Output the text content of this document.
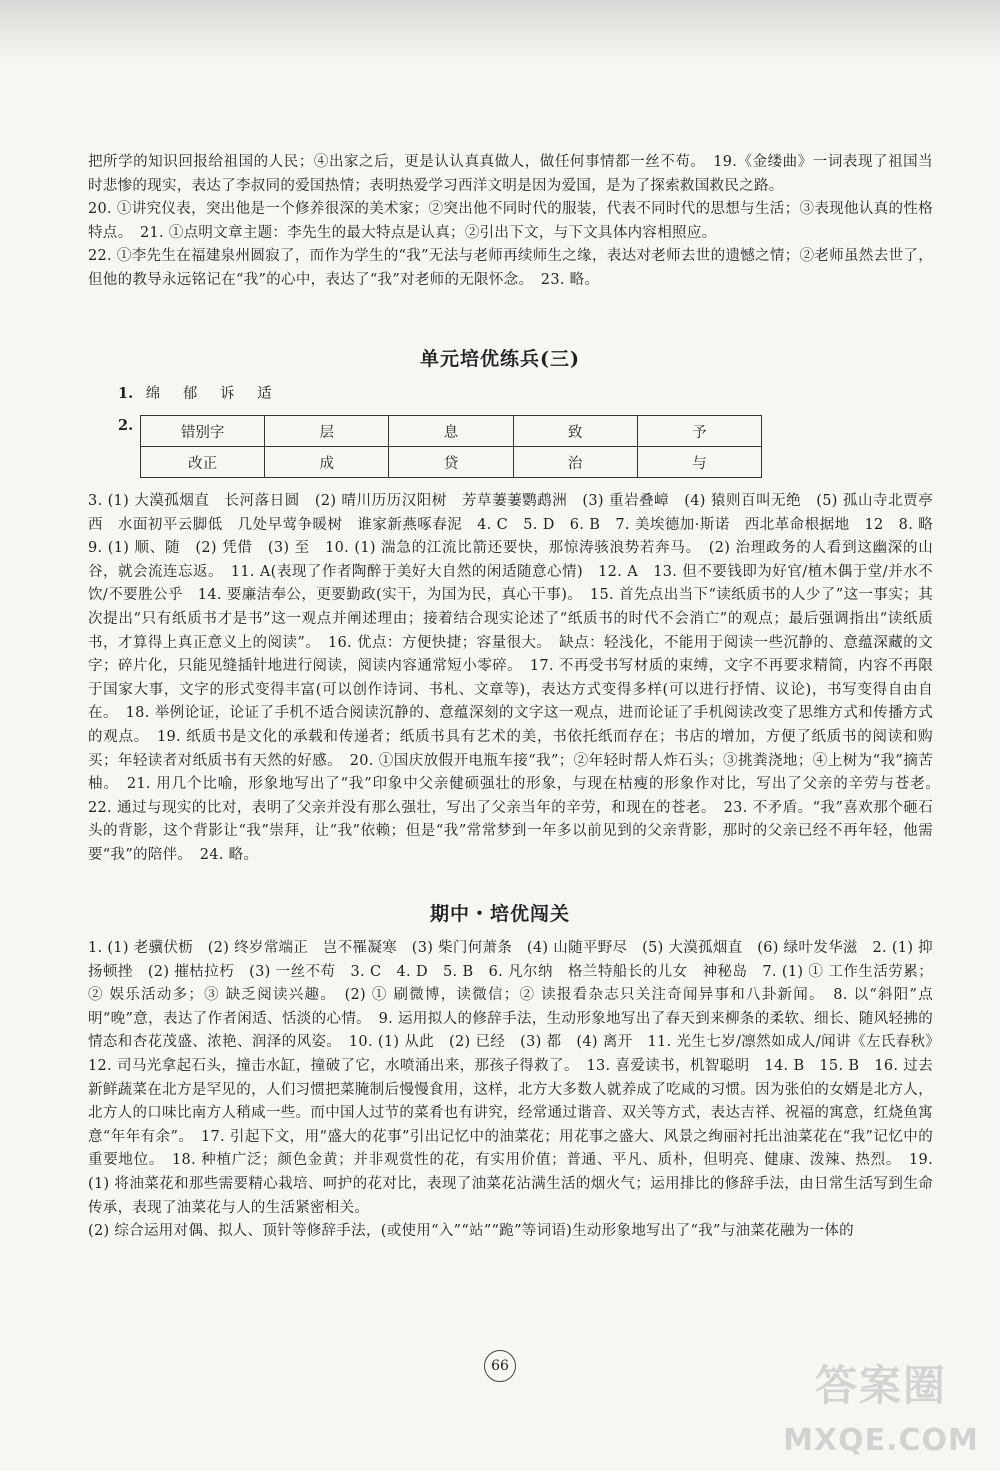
把所学的知识回报给祖国的人民；④出家之后，更是认认真真做人，做任何事情都一丝不苟。　19.《金缕曲》一词表现了祖国当时悲惨的现实，表达了李叔同的爱国热情；表明热爱学习西洋文明是因为爱国，是为了探索救国救民之路。

20. ①讲究仪表，突出他是一个修养很深的美术家；②突出他不同时代的服装，代表不同时代的思想与生活；③表现他认真的性格特点。　21. ①点明文章主题：李先生的最大特点是认真；②引出下文，与下文具体内容相照应。

22. ①李先生在福建泉州圆寂了，而作为学生的“我”无法与老师再续师生之缘，表达对老师去世的遗憾之情；②老师虽然去世了，但他的教导永远铭记在“我”的心中，表达了“我”对老师的无限怀念。　23. 略。

单元培优练兵(三)
1. 绵 郁 诉 适
2.	错别字	层	息	致	予
改正	成	贷	治	与

3. (1) 大漠孤烟直　长河落日圆　(2) 晴川历历汉阳树　芳草萋萋鹦鹉洲　(3) 重岩叠嶂　(4) 猿则百叫无绝　(5) 孤山寺北贾亭西　水面初平云脚低　几处早莺争暖树　谁家新燕啄春泥　4. C　5. D　6. B　7. 美埃德加·斯诺　西北革命根据地　12　8. 略　9. (1) 顺、随　(2) 凭借　(3) 至　10. (1) 湍急的江流比箭还要快，那惊涛骇浪势若奔马。　(2) 治理政务的人看到这幽深的山谷，就会流连忘返。　11. A(表现了作者陶醉于美好大自然的闲适随意心情)　12. A　13. 但不要钱即为好官/植木偶于堂/并水不饮/不要胜公乎　14. 要廉洁奉公，更要勤政(实干，为国为民，真心干事)。　15. 首先点出当下“读纸质书的人少了”这一事实；其次提出“只有纸质书才是书”这一观点并阐述理由；接着结合现实论述了“纸质书的时代不会消亡”的观点；最后强调指出“读纸质书，才算得上真正意义上的阅读”。　16. 优点：方便快捷；容量很大。　缺点：轻浅化，不能用于阅读一些沉静的、意蕴深藏的文字；碎片化，只能见缝插针地进行阅读，阅读内容通常短小零碎。　17. 不再受书写材质的束缚，文字不再要求精简，内容不再限于国家大事，文字的形式变得丰富(可以创作诗词、书札、文章等)，表达方式变得多样(可以进行抒情、议论)，书写变得自由自在。　18. 举例论证，论证了手机不适合阅读沉静的、意蕴深刻的文字这一观点，进而论证了手机阅读改变了思维方式和传播方式的观点。　19. 纸质书是文化的承载和传递者；纸质书具有艺术的美，书依托纸而存在；书店的增加，方便了纸质书的阅读和购买；年轻读者对纸质书有天然的好感。　20. ①国庆放假开电瓶车接“我”；②年轻时帮人炸石头；③挑粪浇地；④上树为“我”摘苦柚。　21. 用几个比喻，形象地写出了“我”印象中父亲健硕强壮的形象，与现在枯瘦的形象作对比，写出了父亲的辛劳与苍老。　22. 通过与现实的比对，表明了父亲并没有那么强壮，写出了父亲当年的辛劳，和现在的苍老。　23. 不矛盾。“我”喜欢那个砸石头的背影，这个背影让“我”崇拜，让“我”依赖；但是“我”常常梦到一年多以前见到的父亲背影，那时的父亲已经不再年轻，他需要“我”的陪伴。　24. 略。

期中・培优闯关

1. (1) 老骥伏枥　(2) 终岁常端正　岂不罹凝寒　(3) 柴门何萧条　(4) 山随平野尽　(5) 大漠孤烟直　(6) 绿叶发华滋　2. (1) 抑扬顿挫　(2) 摧枯拉朽　(3) 一丝不苟　3. C　4. D　5. B　6. 凡尔纳　格兰特船长的儿女　神秘岛　7. (1) ① 工作生活劳累；② 娱乐活动多；③ 缺乏阅读兴趣。　(2) ① 刷微博，读微信；② 读报看杂志只关注奇闻异事和八卦新闻。　8. 以“斜阳”点明“晚”意，表达了作者闲适、恬淡的心情。　9. 运用拟人的修辞手法，生动形象地写出了春天到来柳条的柔软、细长、随风轻拂的情态和杏花茂盛、浓艳、润泽的风姿。　10. (1) 从此　(2) 已经　(3) 都　(4) 离开　11. 光生七岁/凛然如成人/闻讲《左氏春秋》　12. 司马光拿起石头，撞击水缸，撞破了它，水喷涌出来，那孩子得救了。　13. 喜爱读书，机智聪明　14. B　15. B　16. 过去新鲜蔬菜在北方是罕见的，人们习惯把菜腌制后慢慢食用，这样，北方大多数人就养成了吃咸的习惯。因为张伯的女婿是北方人，北方人的口味比南方人稍咸一些。而中国人过节的菜肴也有讲究，经常通过谐音、双关等方式，表达吉祥、祝福的寓意，红烧鱼寓意“年年有余”。　17. 引起下文，用“盛大的花事”引出记忆中的油菜花；用花事之盛大、风景之绚丽衬托出油菜花在“我”记忆中的重要地位。　18. 种植广泛；颜色金黄；并非观赏性的花，有实用价值；普通、平凡、质朴，但明亮、健康、泼辣、热烈。　19. (1) 将油菜花和那些需要精心栽培、呵护的花对比，表现了油菜花沾满生活的烟火气；运用排比的修辞手法，由日常生活写到生命传承，表现了油菜花与人的生活紧密相关。

(2) 综合运用对偶、拟人、顶针等修辞手法，(或使用“入”“站”“跪”等词语)生动形象地写出了“我”与油菜花融为一体的

66	答案圈
MXQE.COM
